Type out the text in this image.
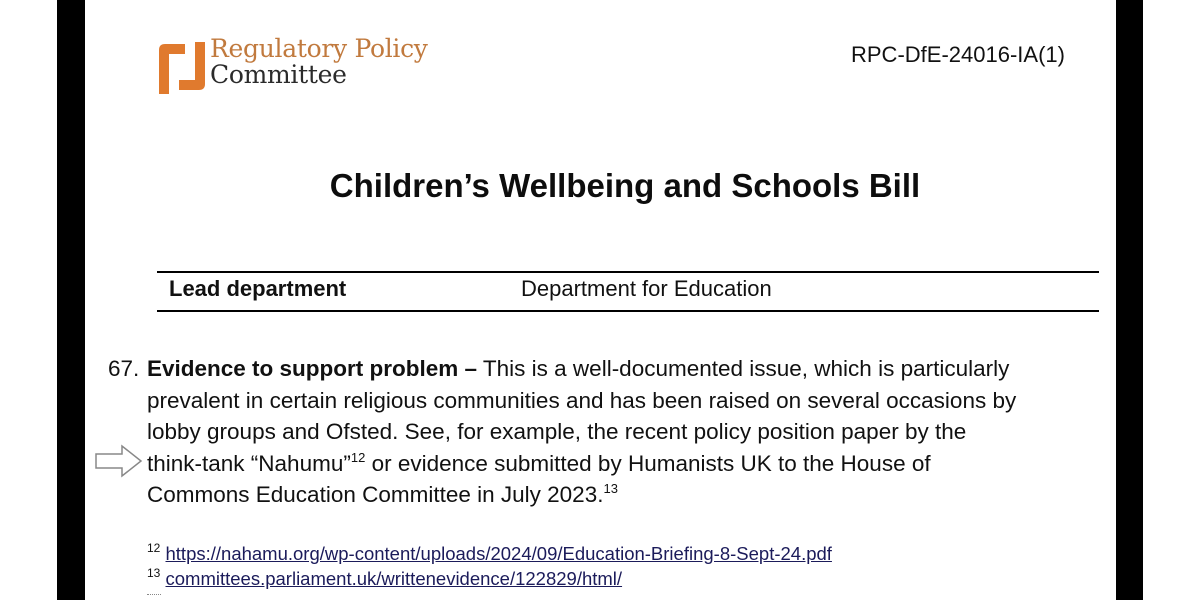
Regulatory Policy
Committee
RPC-DfE-24016-IA(1)
Children’s Wellbeing and Schools Bill
Lead department	Department for Education
67. Evidence to support problem – This is a well-documented issue, which is particularly
prevalent in certain religious communities and has been raised on several occasions by
lobby groups and Ofsted. See, for example, the recent policy position paper by the
think-tank “Nahumu”$^{12}$ or evidence submitted by Humanists UK to the House of
Commons Education Committee in July 2023.13
$^{12}$ https://nahamu.org/wp-content/uploads/2024/09/Education-Briefing-8-Sept-24.pdf
$^{13}$ committees.parliament.uk/writtenevidence/122829/html/
